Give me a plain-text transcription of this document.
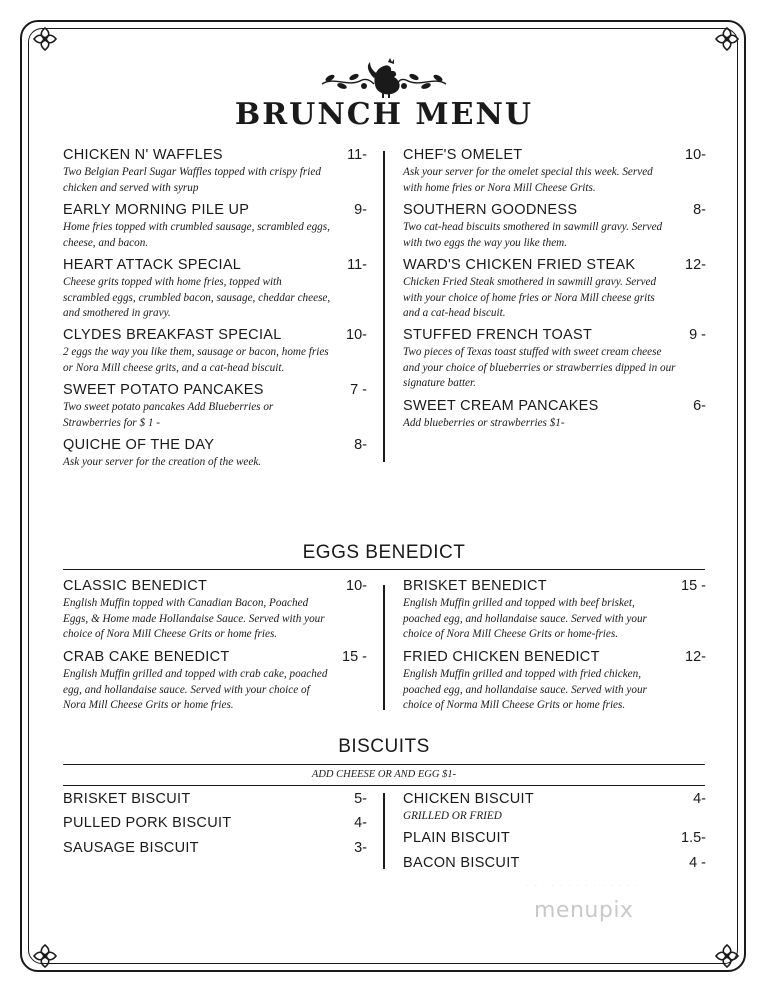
BRUNCH MENU
CHICKEN N' WAFFLES	11-
Two Belgian Pearl Sugar Waffles topped with crispy fried
chicken and served with syrup
EARLY MORNING PILE UP	9-
Home fries topped with crumbled sausage, scrambled eggs,
cheese, and bacon.
HEART ATTACK SPECIAL	11-
Cheese grits topped with home fries, topped with
scrambled eggs, crumbled bacon, sausage, cheddar cheese,
and smothered in gravy.
CLYDES BREAKFAST SPECIAL	10-
2 eggs the way you like them, sausage or bacon, home fries
or Nora Mill cheese grits, and a cat-head biscuit.
SWEET POTATO PANCAKES	7 -
Two sweet potato pancakes Add Blueberries or
Strawberries for $ 1 -
QUICHE OF THE DAY	8-
Ask your server for the creation of the week.
CHEF'S OMELET	10-
Ask your server for the omelet special this week. Served
with home fries or Nora Mill Cheese Grits.
SOUTHERN GOODNESS	8-
Two cat-head biscuits smothered in sawmill gravy. Served
with two eggs the way you like them.
WARD'S CHICKEN FRIED STEAK	12-
Chicken Fried Steak smothered in sawmill gravy. Served
with your choice of home fries or Nora Mill cheese grits
and a cat-head biscuit.
STUFFED FRENCH TOAST	9 -
Two pieces of Texas toast stuffed with sweet cream cheese
and your choice of blueberries or strawberries dipped in our
signature batter.
SWEET CREAM PANCAKES	6-
Add blueberries or strawberries $1-
EGGS BENEDICT
CLASSIC BENEDICT	10-
English Muffin topped with Canadian Bacon, Poached
Eggs, & Home made Hollandaise Sauce. Served with your
choice of Nora Mill Cheese Grits or home fries.
CRAB CAKE BENEDICT	15 -
English Muffin grilled and topped with crab cake, poached
egg, and hollandaise sauce. Served with your choice of
Nora Mill Cheese Grits or home fries.
BRISKET BENEDICT	15 -
English Muffin grilled and topped with beef brisket,
poached egg, and hollandaise sauce. Served with your
choice of Nora Mill Cheese Grits or home-fries.
FRIED CHICKEN BENEDICT	12-
English Muffin grilled and topped with fried chicken,
poached egg, and hollandaise sauce. Served with your
choice of Norma Mill Cheese Grits or home fries.
BISCUITS
ADD CHEESE OR AND EGG $1-
BRISKET BISCUIT	5-
PULLED PORK BISCUIT	4-
SAUSAGE BISCUIT	3-
CHICKEN BISCUIT	4-
GRILLED OR FRIED
PLAIN BISCUIT	1.5-
BACON BISCUIT	4 -
· · · · · · · · · · · · · ·
menupix
